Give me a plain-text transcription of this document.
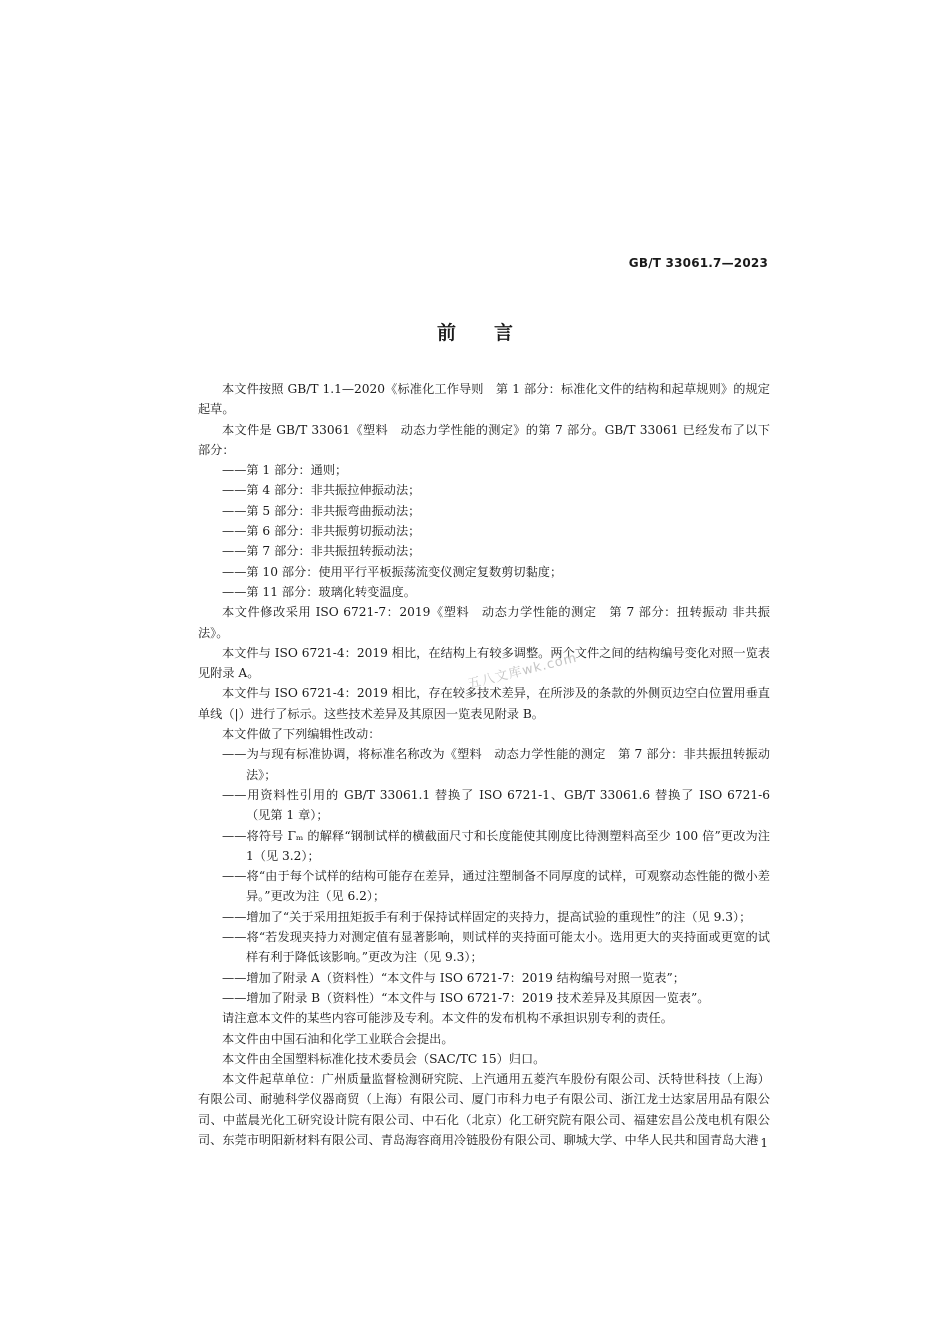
GB/T 33061.7—2023
前言

本文件按照 GB/T 1.1—2020《标准化工作导则　第 1 部分：标准化文件的结构和起草规则》的规定起草。

本文件是 GB/T 33061《塑料　动态力学性能的测定》的第 7 部分。GB/T 33061 已经发布了以下部分：

—— 第 1 部分：通则；

—— 第 4 部分：非共振拉伸振动法；

—— 第 5 部分：非共振弯曲振动法；

—— 第 6 部分：非共振剪切振动法；

—— 第 7 部分：非共振扭转振动法；

—— 第 10 部分：使用平行平板振荡流变仪测定复数剪切黏度；

—— 第 11 部分：玻璃化转变温度。

本文件修改采用 ISO 6721-7：2019《塑料　动态力学性能的测定　第 7 部分：扭转振动 非共振法》。

本文件与 ISO 6721-4：2019 相比，在结构上有较多调整。两个文件之间的结构编号变化对照一览表见附录 A。

本文件与 ISO 6721-4：2019 相比，存在较多技术差异，在所涉及的条款的外侧页边空白位置用垂直单线（|）进行了标示。这些技术差异及其原因一览表见附录 B。

本文件做了下列编辑性改动：

—— 为与现有标准协调，将标准名称改为《塑料　动态力学性能的测定　第 7 部分：非共振扭转振动法》；

—— 用资料性引用的 GB/T 33061.1 替换了 ISO 6721-1、GB/T 33061.6 替换了 ISO 6721-6（见第 1 章）；

—— 将符号 Γₘ 的解释“钢制试样的横截面尺寸和长度能使其刚度比待测塑料高至少 100 倍”更改为注 1（见 3.2）；

—— 将“由于每个试样的结构可能存在差异，通过注塑制备不同厚度的试样，可观察动态性能的微小差异。”更改为注（见 6.2）；

—— 增加了“关于采用扭矩扳手有利于保持试样固定的夹持力，提高试验的重现性”的注（见 9.3）；

—— 将“若发现夹持力对测定值有显著影响，则试样的夹持面可能太小。选用更大的夹持面或更宽的试样有利于降低该影响。”更改为注（见 9.3）；

—— 增加了附录 A（资料性）“本文件与 ISO 6721-7：2019 结构编号对照一览表”；

—— 增加了附录 B（资料性）“本文件与 ISO 6721-7：2019 技术差异及其原因一览表”。

请注意本文件的某些内容可能涉及专利。本文件的发布机构不承担识别专利的责任。

本文件由中国石油和化学工业联合会提出。

本文件由全国塑料标准化技术委员会（SAC/TC 15）归口。

本文件起草单位：广州质量监督检测研究院、上汽通用五菱汽车股份有限公司、沃特世科技（上海）有限公司、耐驰科学仪器商贸（上海）有限公司、厦门市科力电子有限公司、浙江龙士达家居用品有限公司、中蓝晨光化工研究设计院有限公司、中石化（北京）化工研究院有限公司、福建宏昌公茂电机有限公司、东莞市明阳新材料有限公司、青岛海容商用冷链股份有限公司、聊城大学、中华人民共和国青岛大港

五八文库wk.com
1
